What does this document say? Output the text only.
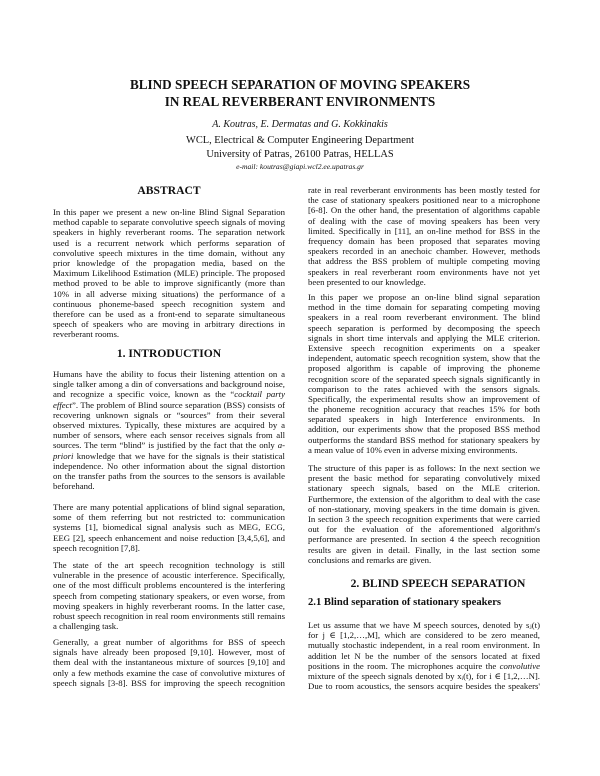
BLIND SPEECH SEPARATION OF MOVING SPEAKERS
IN REAL REVERBERANT ENVIRONMENTS
A. Koutras, E. Dermatas and G. Kokkinakis
WCL, Electrical & Computer Engineering Department
University of Patras, 26100 Patras, HELLAS
e-mail: koutras@giapi.wcl2.ee.upatras.gr
ABSTRACT
1. INTRODUCTION
2. BLIND SPEECH SEPARATION
2.1 Blind separation of stationary speakers
In this paper we present a new on-line Blind Signal Separation
method capable to separate convolutive speech signals of moving
speakers in highly reverberant rooms. The separation network
used is a recurrent network which performs separation of
convolutive speech mixtures in the time domain, without any
prior knowledge of the propagation media, based on the
Maximum Likelihood Estimation (MLE) principle. The proposed
method proved to be able to improve significantly (more than
10% in all adverse mixing situations) the performance of a
continuous phoneme-based speech recognition system and
therefore can be used as a front-end to separate simultaneous
speech of speakers who are moving in arbitrary directions in
reverberant rooms.
Humans have the ability to focus their listening attention on a
single talker among a din of conversations and background noise,
and recognize a specific voice, known as the “cocktail party
effect”. The problem of Blind source separation (BSS) consists of
recovering unknown signals or “sources” from their several
observed mixtures. Typically, these mixtures are acquired by a
number of sensors, where each sensor receives signals from all
sources. The term “blind” is justified by the fact that the only a-
priori knowledge that we have for the signals is their statistical
independence. No other information about the signal distortion
on the transfer paths from the sources to the sensors is available
beforehand.
There are many potential applications of blind signal separation,
some of them referring but not restricted to: communication
systems [1], biomedical signal analysis such as MEG, ECG,
EEG [2], speech enhancement and noise reduction [3,4,5,6], and
speech recognition [7,8].
The state of the art speech recognition technology is still
vulnerable in the presence of acoustic interference. Specifically,
one of the most difficult problems encountered is the interfering
speech from competing stationary speakers, or even worse, from
moving speakers in highly reverberant rooms. In the latter case,
robust speech recognition in real room environments still remains
a challenging task.
Generally, a great number of algorithms for BSS of speech
signals have already been proposed [9,10]. However, most of
them deal with the instantaneous mixture of sources [9,10] and
only a few methods examine the case of convolutive mixtures of
speech signals [3-8]. BSS for improving the speech recognition
rate in real reverberant environments has been mostly tested for
the case of stationary speakers positioned near to a microphone
[6-8]. On the other hand, the presentation of algorithms capable
of dealing with the case of moving speakers has been very
limited. Specifically in [11], an on-line method for BSS in the
frequency domain has been proposed that separates moving
speakers recorded in an anechoic chamber. However, methods
that address the BSS problem of multiple competing moving
speakers in real reverberant room environments have not yet
been presented to our knowledge.
In this paper we propose an on-line blind signal separation
method in the time domain for separating competing moving
speakers in a real room reverberant environment. The blind
speech separation is performed by decomposing the speech
signals in short time intervals and applying the MLE criterion.
Extensive speech recognition experiments on a speaker
independent, automatic speech recognition system, show that the
proposed algorithm is capable of improving the phoneme
recognition score of the separated speech signals significantly in
comparison to the rates achieved with the sensors signals.
Specifically, the experimental results show an improvement of
the phoneme recognition accuracy that reaches 15% for both
separated speakers in high Interference environments. In
addition, our experiments show that the proposed BSS method
outperforms the standard BSS method for stationary speakers by
a mean value of 10% even in adverse mixing environments.
The structure of this paper is as follows: In the next section we
present the basic method for separating convolutively mixed
stationary speech signals, based on the MLE criterion.
Furthermore, the extension of the algorithm to deal with the case
of non-stationary, moving speakers in the time domain is given.
In section 3 the speech recognition experiments that were carried
out for the evaluation of the aforementioned algorithm's
performance are presented. In section 4 the speech recognition
results are given in detail. Finally, in the last section some
conclusions and remarks are given.
Let us assume that we have M speech sources, denoted by sⱼ(t)
for j ∈ [1,2,…,M], which are considered to be zero meaned,
mutually stochastic independent, in a real room environment. In
addition let N be the number of the sensors located at fixed
positions in the room. The microphones acquire the convolutive
mixture of the speech signals denoted by xᵢ(t), for i ∈ [1,2,…N].
Due to room acoustics, the sensors acquire besides the speakers'
